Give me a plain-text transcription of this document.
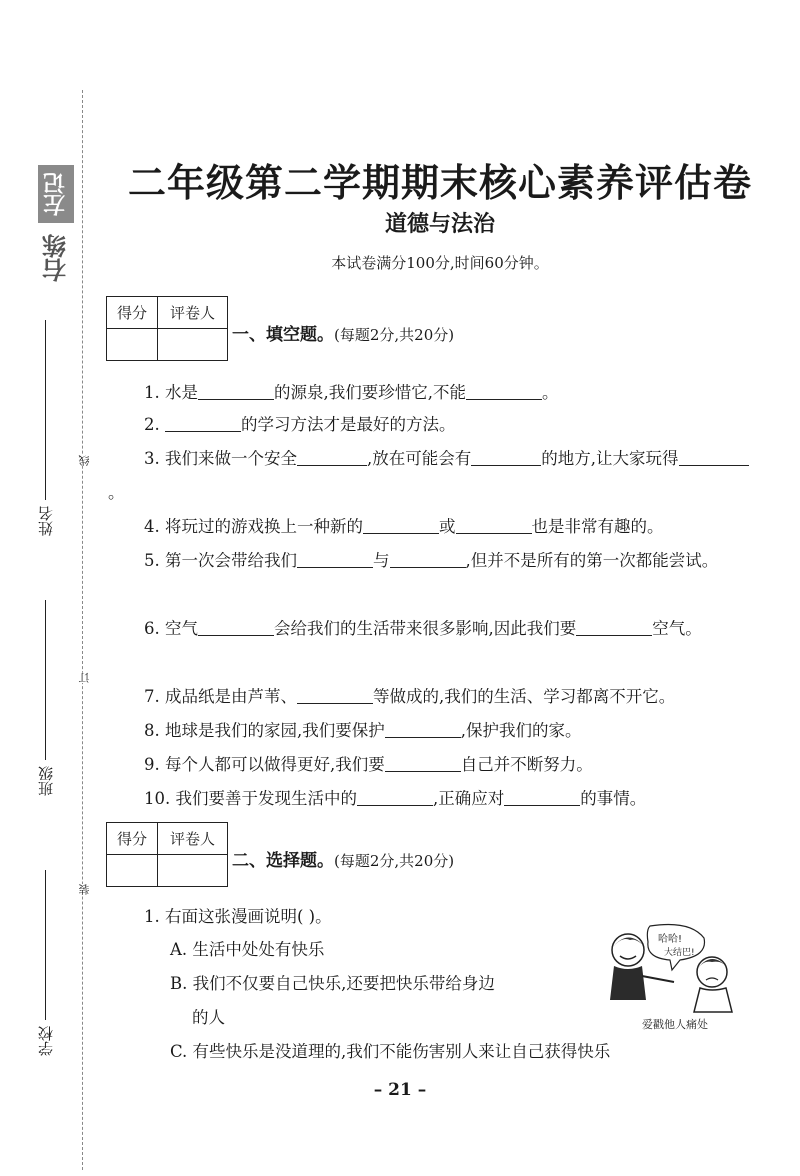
左记
右练
线
订
装
姓名
班级
学校
二年级第二学期期末核心素养评估卷
道德与法治
本试卷满分100分,时间60分钟。
得分	评卷人

一、填空题。(每题2分,共20分)

1. 水是	的源泉,我们要珍惜它,不能	。

2.	的学习方法才是最好的方法。

3. 我们来做一个安全	,放在可能会有	的地方,让大家玩得。

4. 将玩过的游戏换上一种新的	或	也是非常有趣的。

5. 第一次会带给我们	与	,但并不是所有的第一次都能尝试。

6. 空气	会给我们的生活带来很多影响,因此我们要	空气。

7. 成品纸是由芦苇、	等做成的,我们的生活、学习都离不开它。

8. 地球是我们的家园,我们要保护	,保护我们的家。

9. 每个人都可以做得更好,我们要	自己并不断努力。

10. 我们要善于发现生活中的	,正确应对	的事情。

得分	评卷人

二、选择题。(每题2分,共20分)

1. 右面这张漫画说明( )。

A. 生活中处处有快乐

B. 我们不仅要自己快乐,还要把快乐带给身边

的人

C. 有些快乐是没道理的,我们不能伤害别人来让自己获得快乐

哈哈!
大结巴!
爱戳他人痛处
– 21 –
